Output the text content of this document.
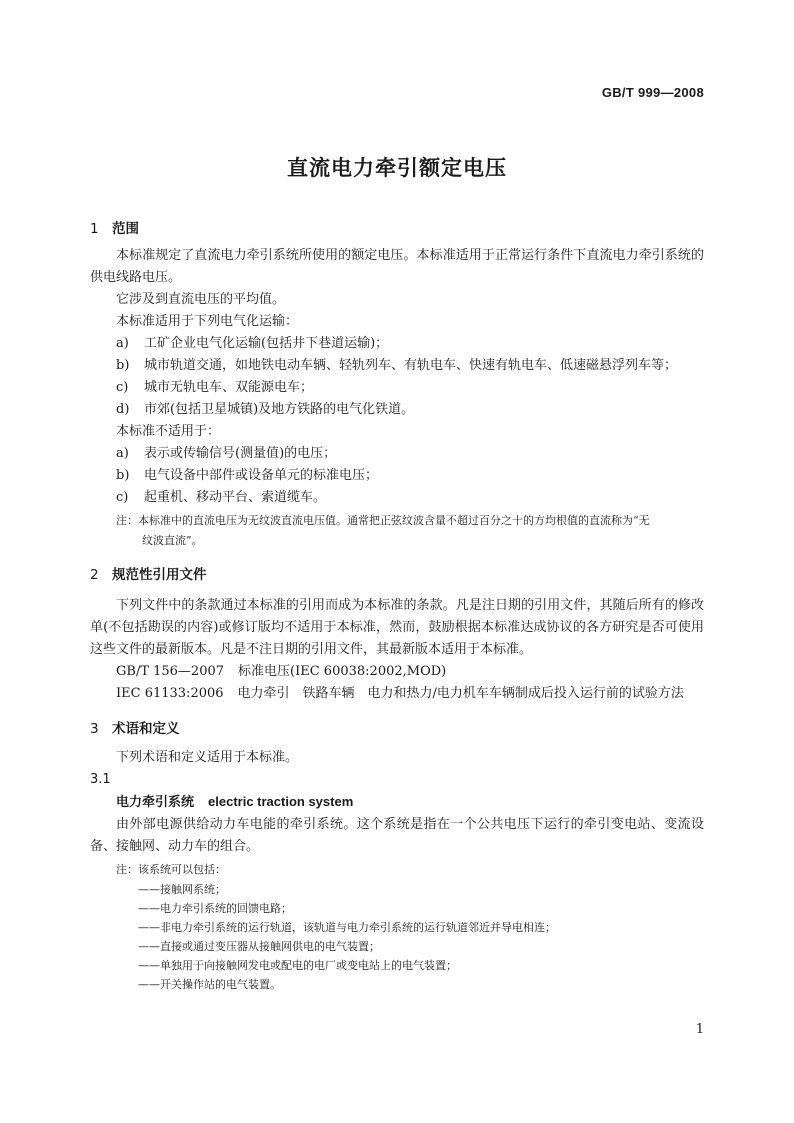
GB/T 999—2008
直流电力牵引额定电压
1 范围

本标准规定了直流电力牵引系统所使用的额定电压。本标准适用于正常运行条件下直流电力牵引系统的供电线路电压。

它涉及到直流电压的平均值。

本标准适用于下列电气化运输：

a) 工矿企业电气化运输(包括井下巷道运输)；

b) 城市轨道交通，如地铁电动车辆、轻轨列车、有轨电车、快速有轨电车、低速磁悬浮列车等；

c) 城市无轨电车、双能源电车；

d) 市郊(包括卫星城镇)及地方铁路的电气化铁道。

本标准不适用于：

a) 表示或传输信号(测量值)的电压；

b) 电气设备中部件或设备单元的标准电压；

c) 起重机、移动平台、索道缆车。

注：本标准中的直流电压为无纹波直流电压值。通常把正弦纹波含量不超过百分之十的方均根值的直流称为“无

纹波直流”。

2 规范性引用文件

下列文件中的条款通过本标准的引用而成为本标准的条款。凡是注日期的引用文件，其随后所有的修改单(不包括勘误的内容)或修订版均不适用于本标准，然而，鼓励根据本标准达成协议的各方研究是否可使用这些文件的最新版本。凡是不注日期的引用文件，其最新版本适用于本标准。

GB/T 156—2007 标准电压(IEC 60038:2002,MOD)

IEC 61133:2006 电力牵引　铁路车辆　电力和热力/电力机车车辆制成后投入运行前的试验方法

3 术语和定义

下列术语和定义适用于本标准。

3.1
电力牵引系统 electric traction system

由外部电源供给动力车电能的牵引系统。这个系统是指在一个公共电压下运行的牵引变电站、变流设备、接触网、动力车的组合。

注：该系统可以包括：

——接触网系统；

——电力牵引系统的回馈电路；

——非电力牵引系统的运行轨道，该轨道与电力牵引系统的运行轨道邻近并导电相连；

——直接或通过变压器从接触网供电的电气装置；

——单独用于向接触网发电或配电的电厂或变电站上的电气装置；

——开关操作站的电气装置。

1
